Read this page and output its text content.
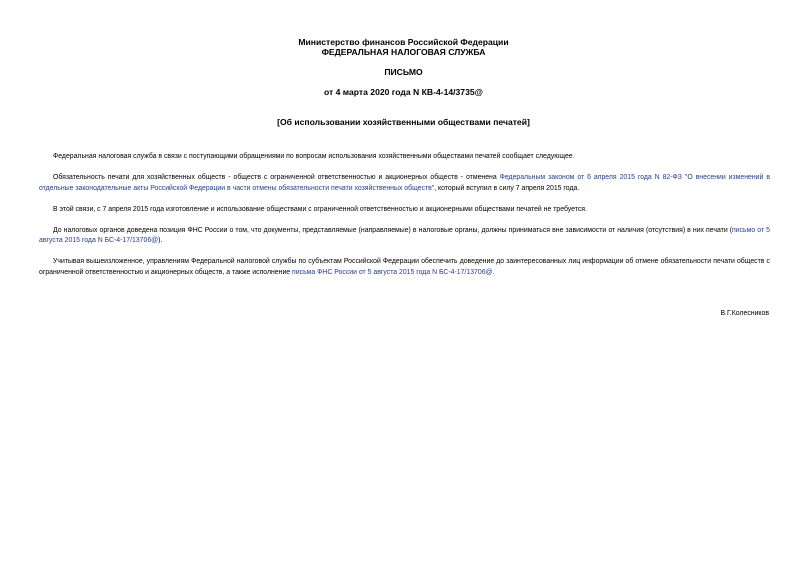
Министерство финансов Российской Федерации
ФЕДЕРАЛЬНАЯ НАЛОГОВАЯ СЛУЖБА
ПИСЬМО
от 4 марта 2020 года N КВ-4-14/3735@
[Об использовании хозяйственными обществами печатей]

Федеральная налоговая служба в связи с поступающими обращениями по вопросам использования хозяйственными обществами печатей сообщает следующее.

Обязательность печати для хозяйственных обществ - обществ с ограниченной ответственностью и акционерных обществ - отменена Федеральным законом от 6 апреля 2015 года N 82-ФЗ "О внесении изменений в отдельные законодательные акты Российской Федерации в части отмены обязательности печати хозяйственных обществ", который вступил в силу 7 апреля 2015 года.

В этой связи, с 7 апреля 2015 года изготовление и использование обществами с ограниченной ответственностью и акционерными обществами печатей не требуется.

До налоговых органов доведена позиция ФНС России о том, что документы, представляемые (направляемые) в налоговые органы, должны приниматься вне зависимости от наличия (отсутствия) в них печати (письмо от 5 августа 2015 года N БС-4-17/13706@).

Учитывая вышеизложенное, управлениям Федеральной налоговой службы по субъектам Российской Федерации обеспечить доведение до заинтересованных лиц информации об отмене обязательности печати обществ с ограниченной ответственностью и акционерных обществ, а также исполнение письма ФНС России от 5 августа 2015 года N БС-4-17/13706@.

В.Г.Колесников
